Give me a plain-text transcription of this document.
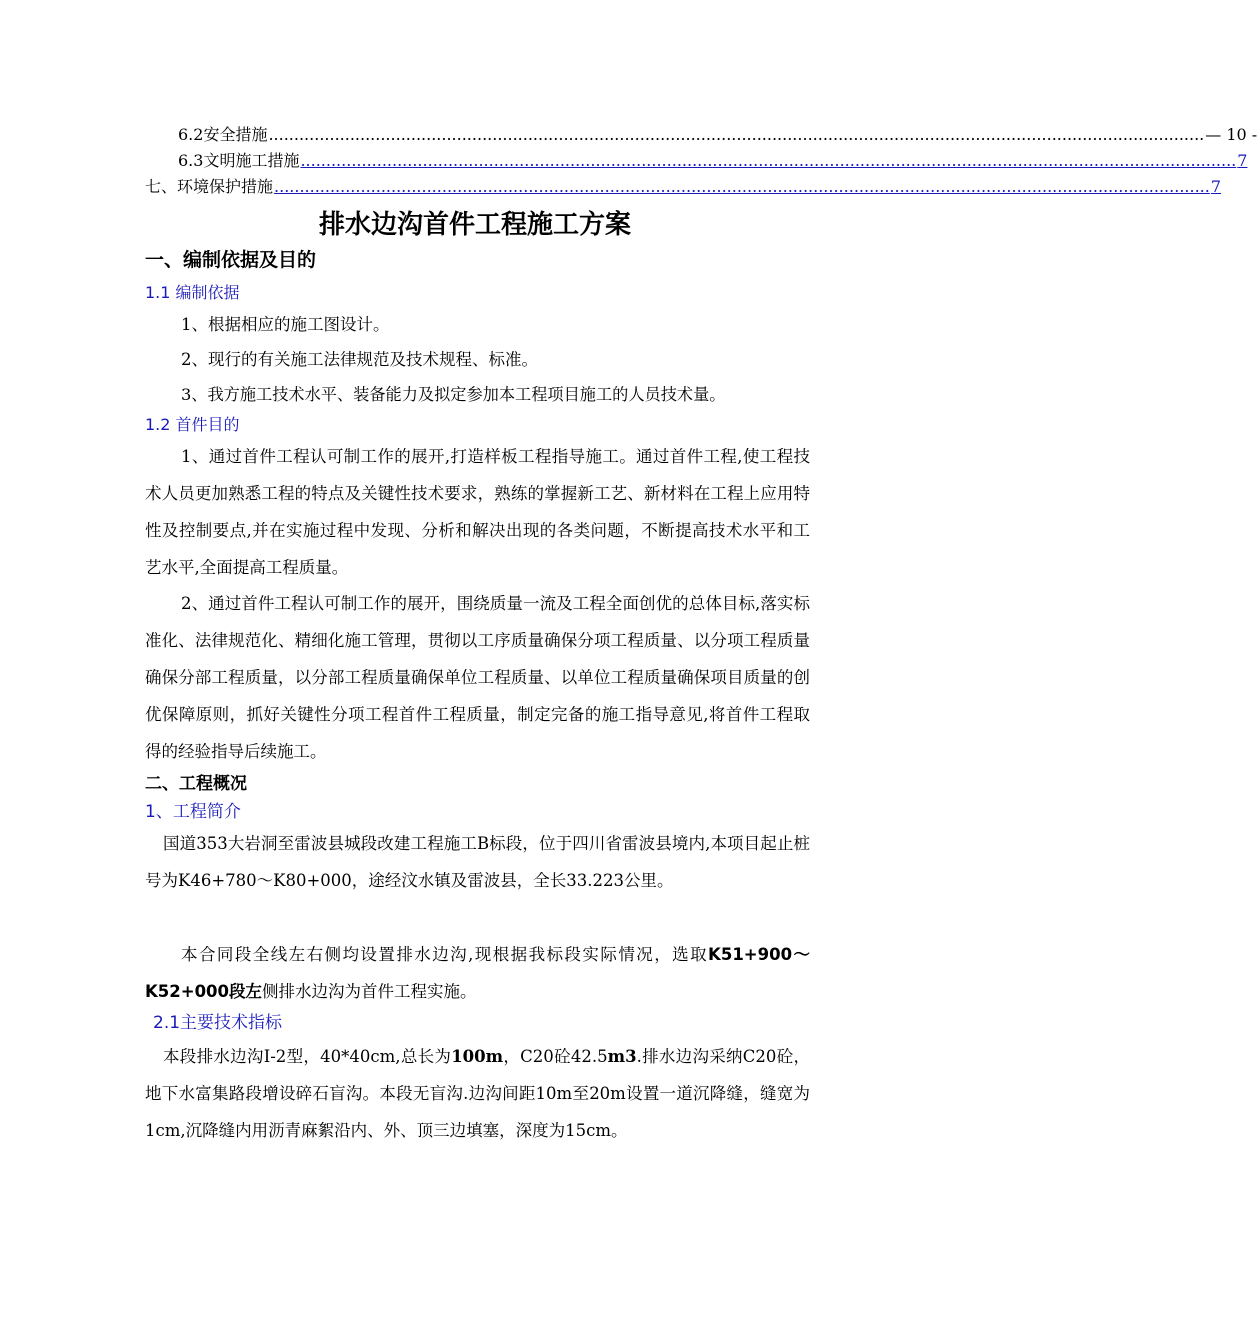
6.2安全措施 ........................................................................................................................................................................................ — 10 -
6.3文明施工措施 ........................................................................................................................................................................................ 7
七、环境保护措施 ........................................................................................................................................................................................ 7
排水边沟首件工程施工方案
一、编制依据及目的
1.1 编制依据
1、根据相应的施工图设计。
2、现行的有关施工法律规范及技术规程、标准。
3、我方施工技术水平、装备能力及拟定参加本工程项目施工的人员技术量。
1.2 首件目的
1、通过首件工程认可制工作的展开,打造样板工程指导施工。通过首件工程,使工程技术人员更加熟悉工程的特点及关键性技术要求，熟练的掌握新工艺、新材料在工程上应用特性及控制要点,并在实施过程中发现、分析和解决出现的各类问题，不断提高技术水平和工艺水平,全面提高工程质量。
2、通过首件工程认可制工作的展开，围绕质量一流及工程全面创优的总体目标,落实标准化、法律规范化、精细化施工管理，贯彻以工序质量确保分项工程质量、以分项工程质量确保分部工程质量，以分部工程质量确保单位工程质量、以单位工程质量确保项目质量的创优保障原则，抓好关键性分项工程首件工程质量，制定完备的施工指导意见,将首件工程取得的经验指导后续施工。
二、工程概况
1、工程简介
国道353大岩洞至雷波县城段改建工程施工B标段，位于四川省雷波县境内,本项目起止桩号为K46+780～K80+000，途经汶水镇及雷波县，全长33.223公里。
本合同段全线左右侧均设置排水边沟,现根据我标段实际情况，选取K51+900～K52+000段左侧排水边沟为首件工程实施。
2.1主要技术指标
本段排水边沟I-2型，40*40cm,总长为100m，C20砼42.5m3.排水边沟采纳C20砼，地下水富集路段增设碎石盲沟。本段无盲沟.边沟间距10m至20m设置一道沉降缝，缝宽为1cm,沉降缝内用沥青麻絮沿内、外、顶三边填塞，深度为15cm。
